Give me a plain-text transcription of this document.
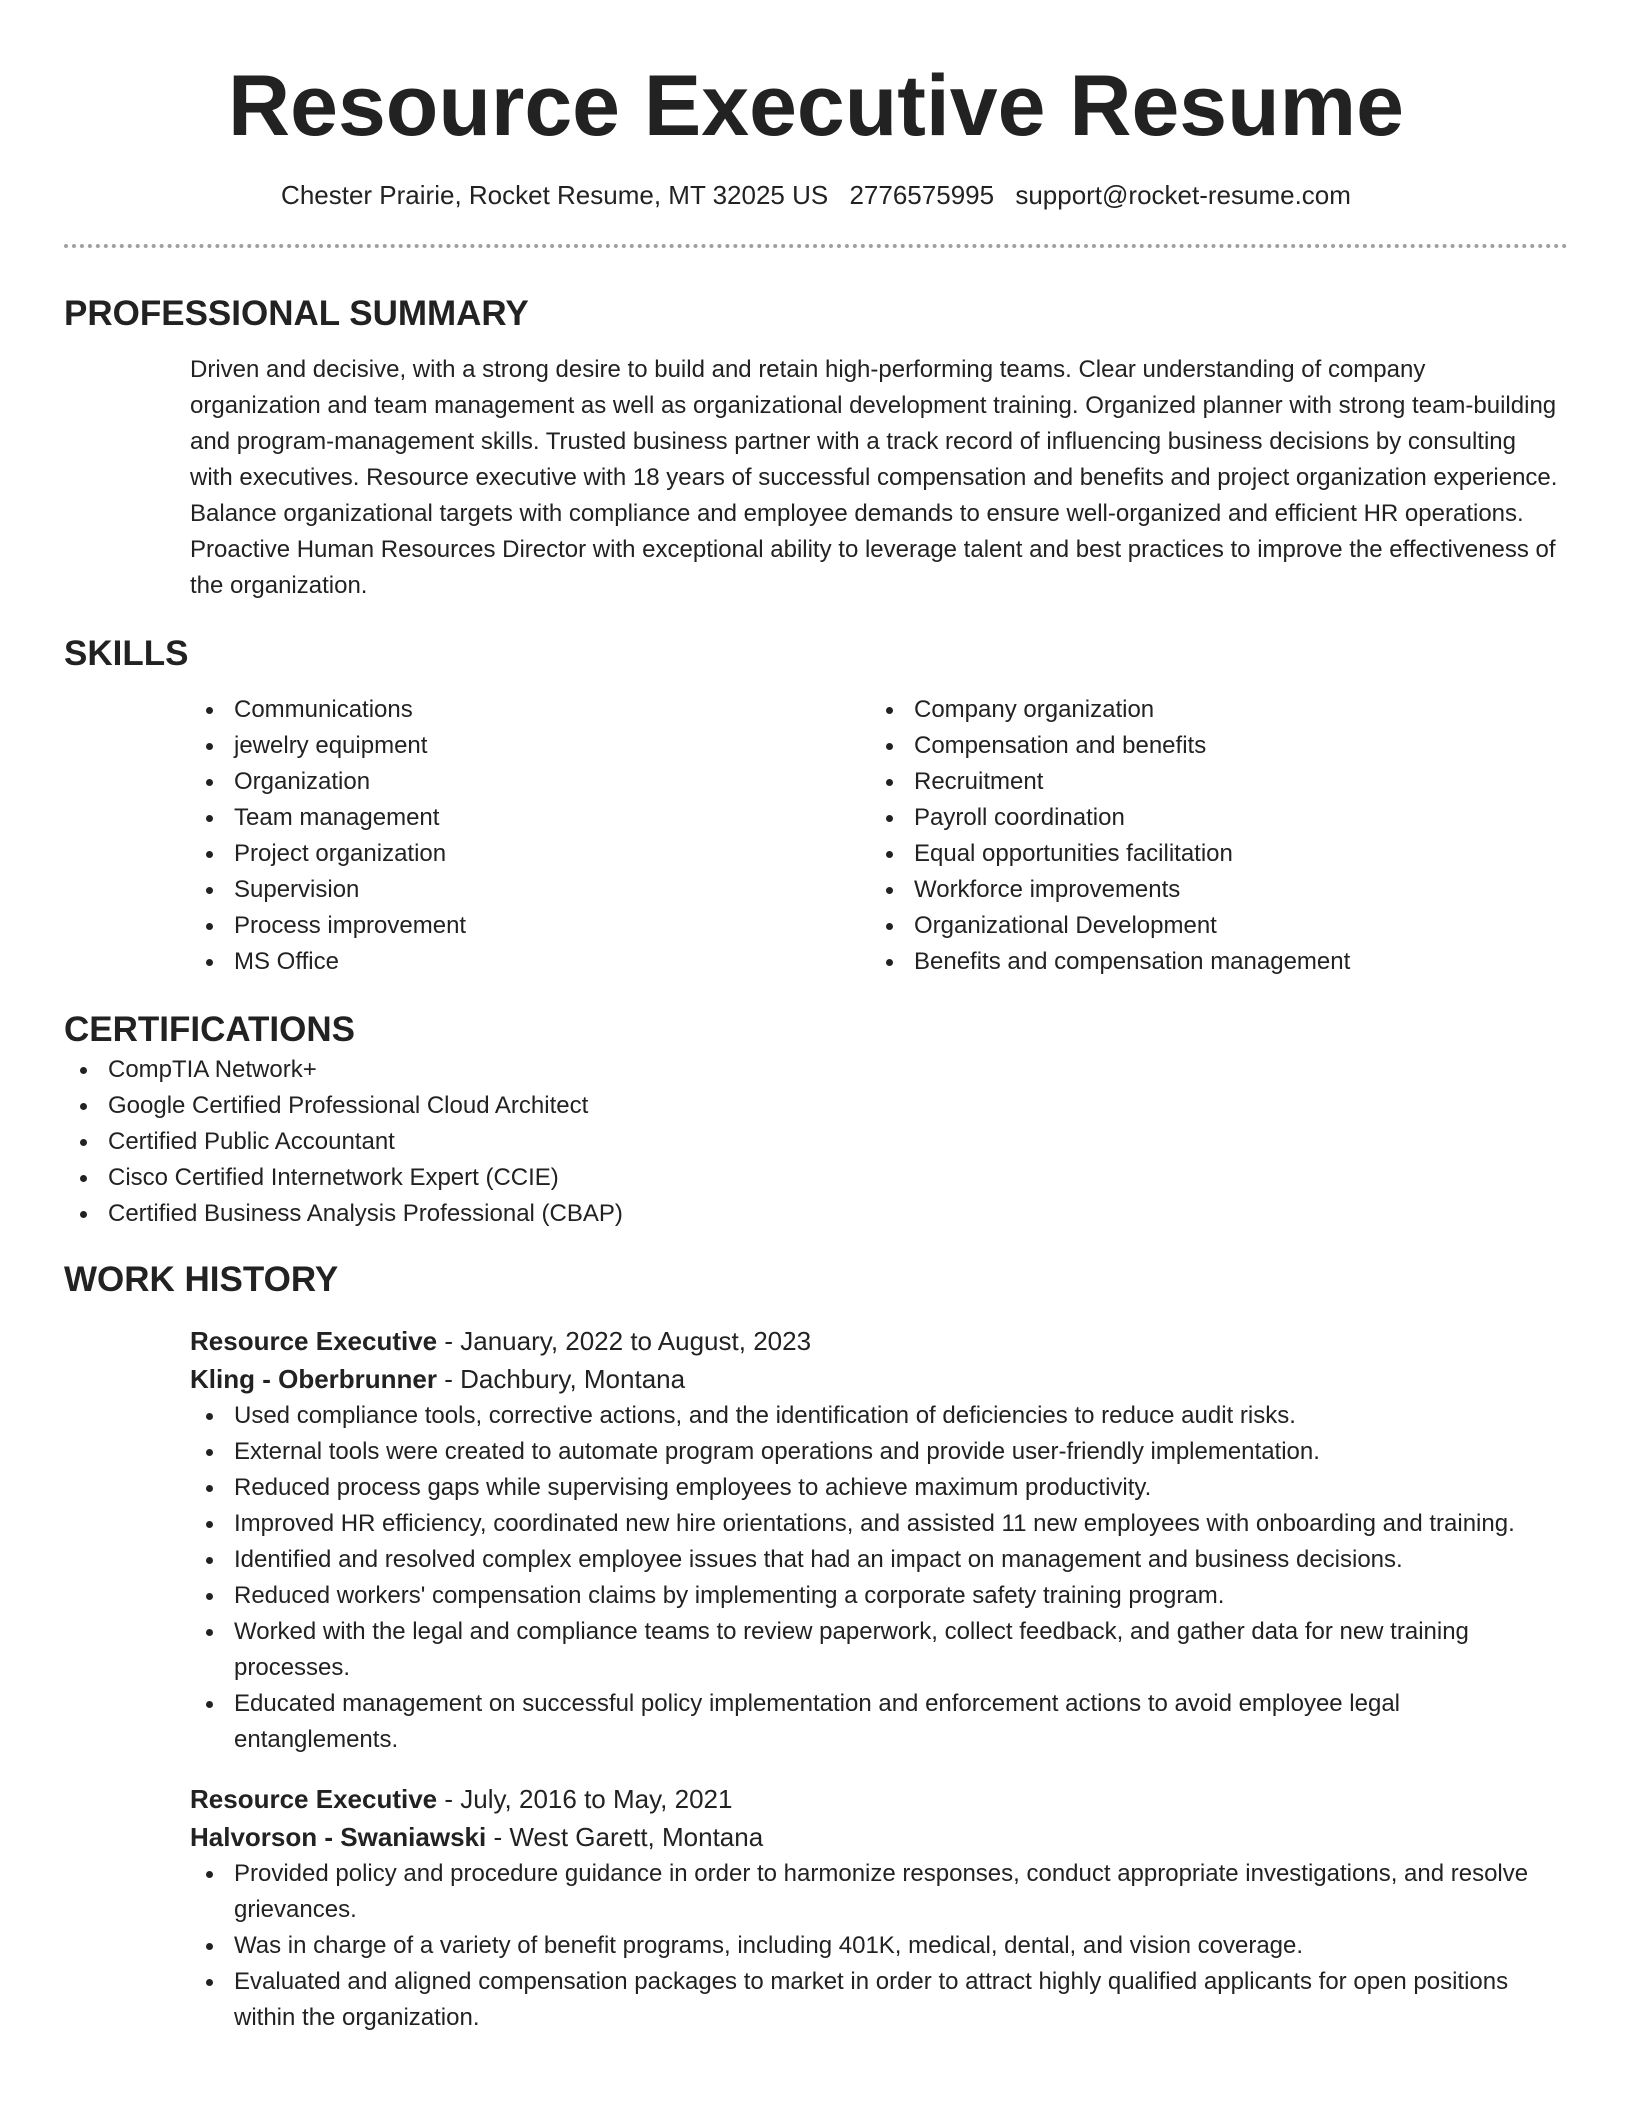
Resource Executive Resume
Chester Prairie, Rocket Resume, MT 32025 US 2776575995 support@rocket-resume.com
PROFESSIONAL SUMMARY
Driven and decisive, with a strong desire to build and retain high-performing teams. Clear understanding of company organization and team management as well as organizational development training. Organized planner with strong team-building and program-management skills. Trusted business partner with a track record of influencing business decisions by consulting with executives. Resource executive with 18 years of successful compensation and benefits and project organization experience. Balance organizational targets with compliance and employee demands to ensure well-organized and efficient HR operations. Proactive Human Resources Director with exceptional ability to leverage talent and best practices to improve the effectiveness of the organization.
SKILLS
Communications
jewelry equipment
Organization
Team management
Project organization
Supervision
Process improvement
MS Office
Company organization
Compensation and benefits
Recruitment
Payroll coordination
Equal opportunities facilitation
Workforce improvements
Organizational Development
Benefits and compensation management
CERTIFICATIONS
CompTIA Network+
Google Certified Professional Cloud Architect
Certified Public Accountant
Cisco Certified Internetwork Expert (CCIE)
Certified Business Analysis Professional (CBAP)
WORK HISTORY
Resource Executive - January, 2022 to August, 2023
Kling - Oberbrunner - Dachbury, Montana
Used compliance tools, corrective actions, and the identification of deficiencies to reduce audit risks.
External tools were created to automate program operations and provide user-friendly implementation.
Reduced process gaps while supervising employees to achieve maximum productivity.
Improved HR efficiency, coordinated new hire orientations, and assisted 11 new employees with onboarding and training.
Identified and resolved complex employee issues that had an impact on management and business decisions.
Reduced workers' compensation claims by implementing a corporate safety training program.
Worked with the legal and compliance teams to review paperwork, collect feedback, and gather data for new training processes.
Educated management on successful policy implementation and enforcement actions to avoid employee legal entanglements.
Resource Executive - July, 2016 to May, 2021
Halvorson - Swaniawski - West Garett, Montana
Provided policy and procedure guidance in order to harmonize responses, conduct appropriate investigations, and resolve grievances.
Was in charge of a variety of benefit programs, including 401K, medical, dental, and vision coverage.
Evaluated and aligned compensation packages to market in order to attract highly qualified applicants for open positions within the organization.
